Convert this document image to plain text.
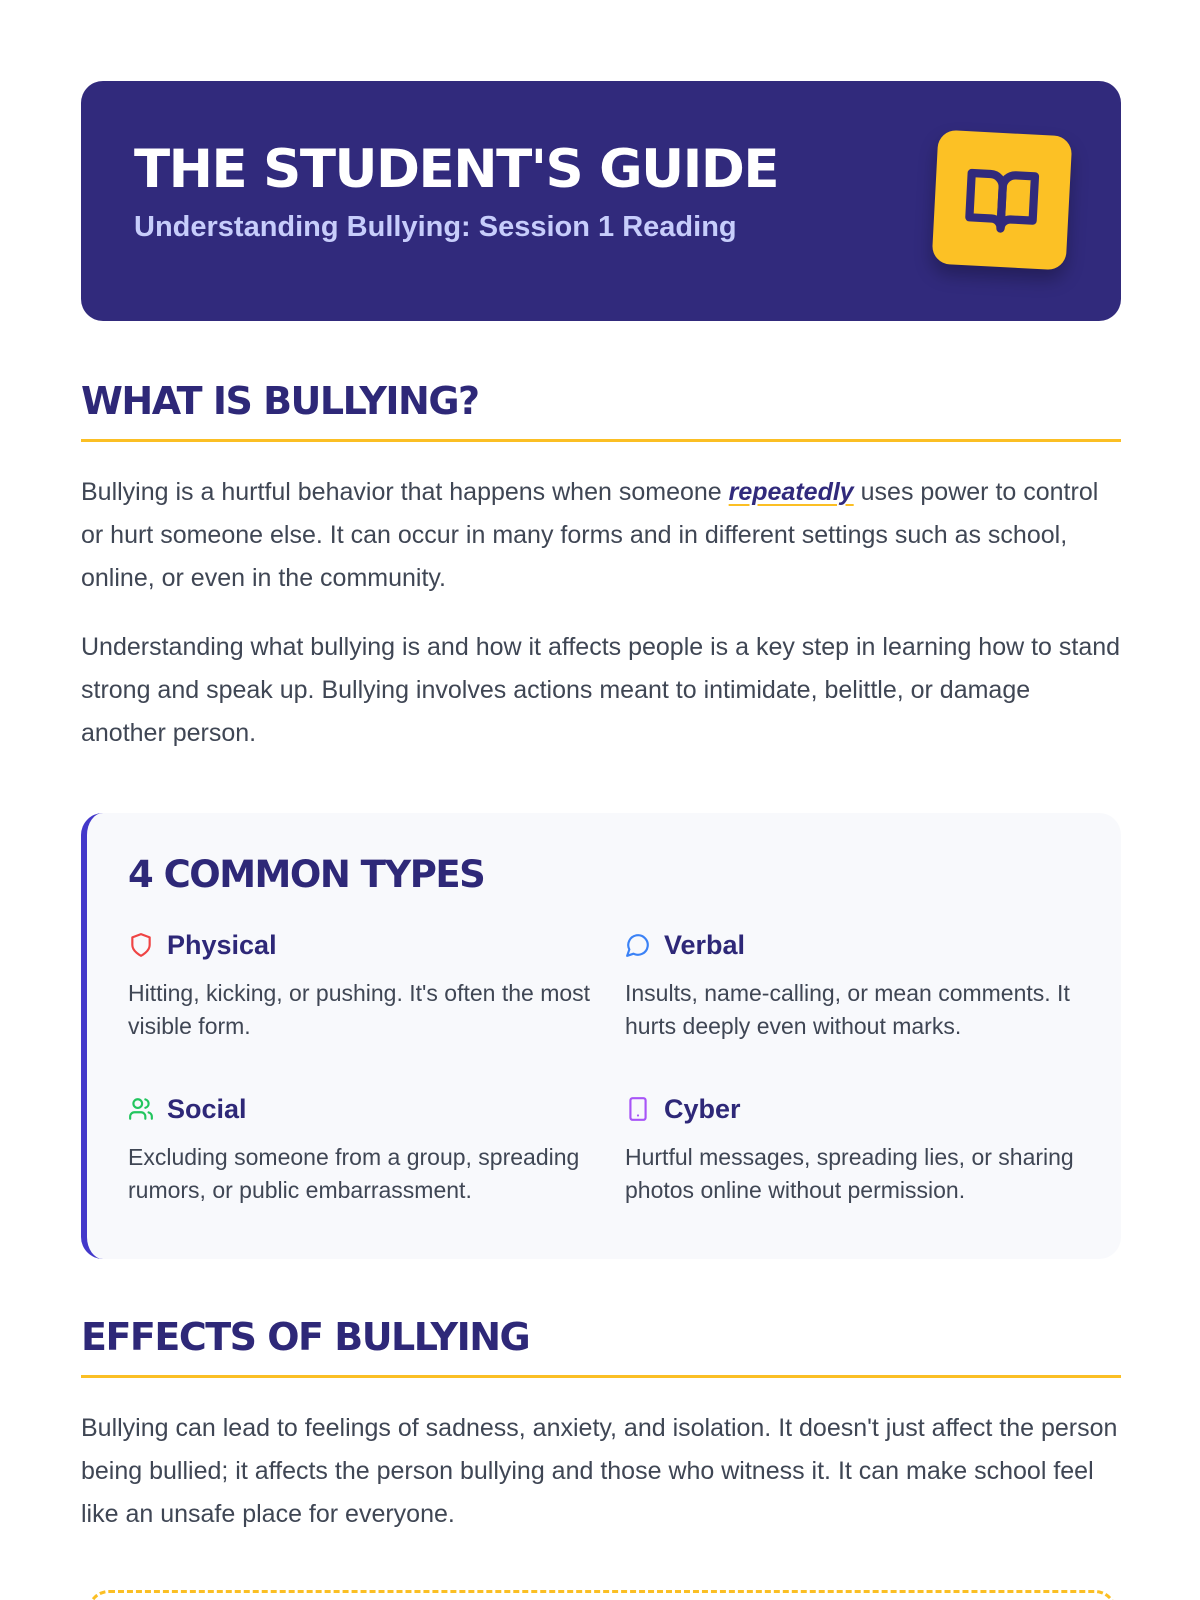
THE STUDENT'S GUIDE
Understanding Bullying: Session 1 Reading
WHAT IS BULLYING?

Bullying is a hurtful behavior that happens when someone repeatedly uses power to control or hurt someone else. It can occur in many forms and in different settings such as school, online, or even in the community.

Understanding what bullying is and how it affects people is a key step in learning how to stand strong and speak up. Bullying involves actions meant to intimidate, belittle, or damage another person.

4 COMMON TYPES
Physical

Hitting, kicking, or pushing. It's often the most visible form.

Verbal

Insults, name-calling, or mean comments. It hurts deeply even without marks.

Social

Excluding someone from a group, spreading rumors, or public embarrassment.

Cyber

Hurtful messages, spreading lies, or sharing photos online without permission.

EFFECTS OF BULLYING

Bullying can lead to feelings of sadness, anxiety, and isolation. It doesn't just affect the person being bullied; it affects the person bullying and those who witness it. It can make school feel like an unsafe place for everyone.
